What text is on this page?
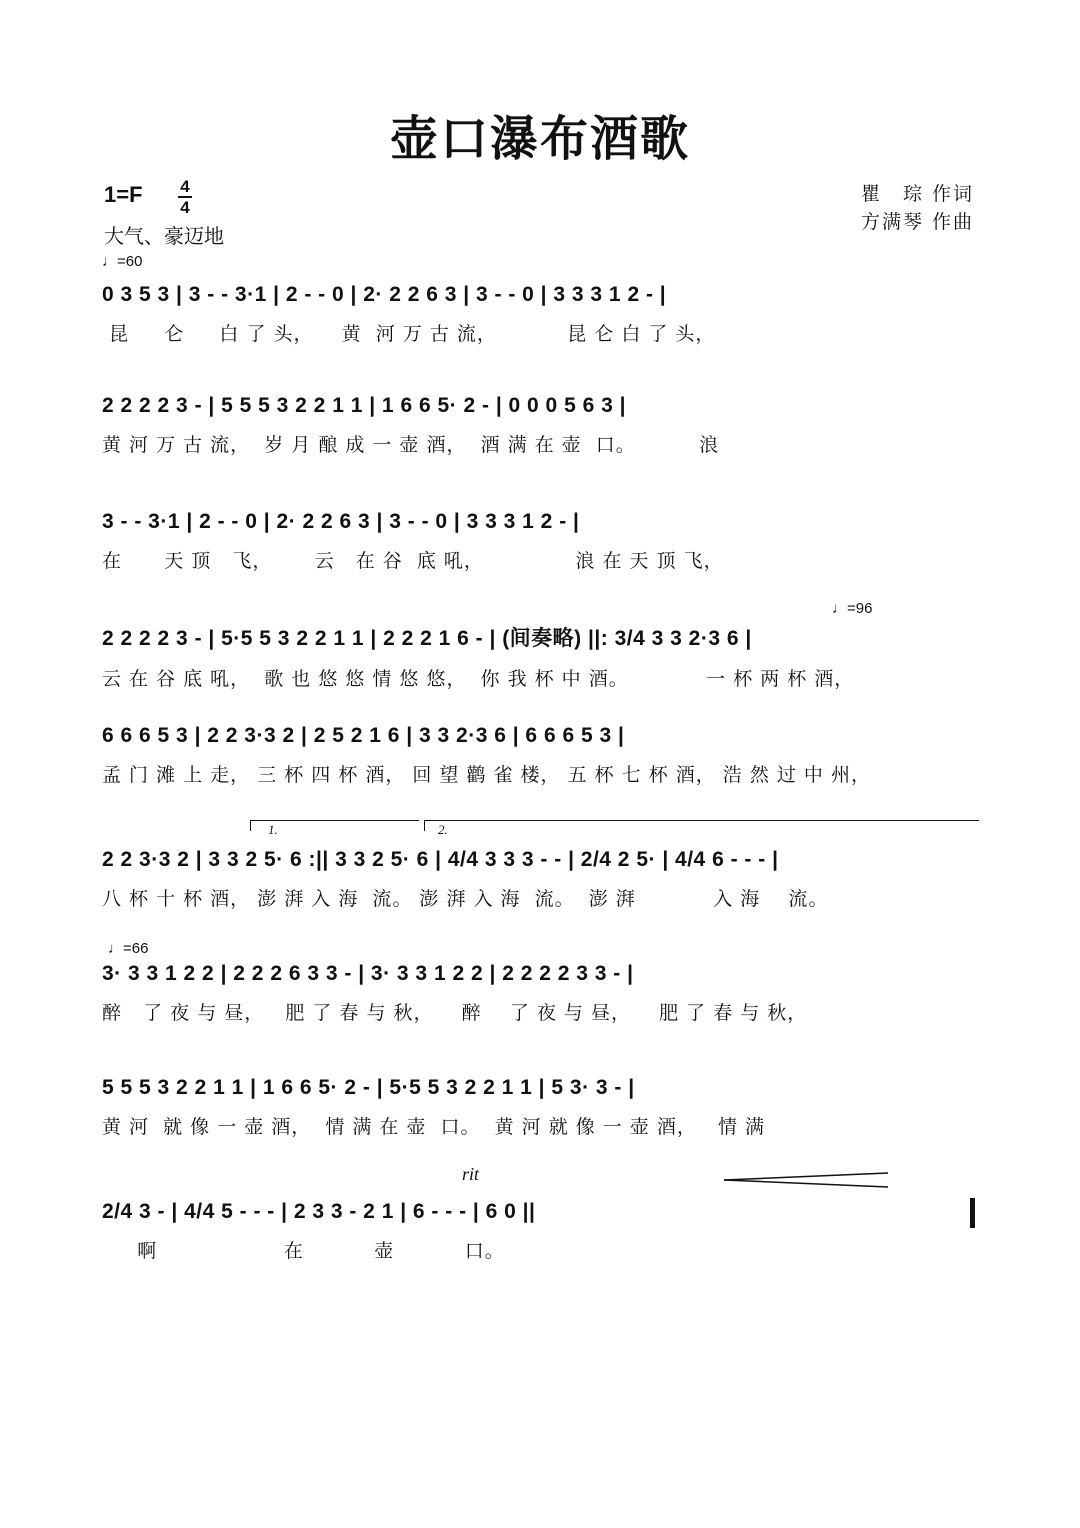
壶口瀑布酒歌
1=F 4
4
大气、豪迈地
瞿　琮 作词
方满琴 作曲
♩=60
♩=96
♩=66
0 3 5 3 | 3 - - 3·1 | 2 - - 0 | 2· 2 2 6 3 | 3 - - 0 | 3 3 3 1 2 - |
昆     仑     白 了 头，    黄  河 万 古 流，          昆 仑 白 了 头，
2 2 2 2 3 - | 5 5 5 3 2 2 1 1 | 1 6 6 5· 2 - | 0 0 0 5 6 3 |
黄 河 万 古 流，  岁 月 酿 成 一 壶 酒，  酒 满 在 壶  口。         浪
3 - - 3·1 | 2 - - 0 | 2· 2 2 6 3 | 3 - - 0 | 3 3 3 1 2 - |
在      天 顶   飞，      云   在 谷  底 吼，             浪 在 天 顶 飞，
2 2 2 2 3 - | 5·5 5 3 2 2 1 1 | 2 2 2 1 6 - | (间奏略) ||: 3/4 3 3 2·3 6 |
云 在 谷 底 吼，  歌 也 悠 悠 情 悠 悠，  你 我 杯 中 酒。           一 杯 两 杯 酒，
6 6 6 5 3 | 2 2 3·3 2 | 2 5 2 1 6 | 3 3 2·3 6 | 6 6 6 5 3 |
孟 门 滩 上 走， 三 杯 四 杯 酒， 回 望 鹳 雀 楼， 五 杯 七 杯 酒， 浩 然 过 中 州，
1.	2.
2 2 3·3 2 | 3 3 2 5· 6 :|| 3 3 2 5· 6 | 4/4 3 3 3 - - | 2/4 2 5· | 4/4 6 - - - |
八 杯 十 杯 酒， 澎 湃 入 海  流。 澎 湃 入 海  流。  澎 湃           入 海    流。
3· 3 3 1 2 2 | 2 2 2 6 3 3 - | 3· 3 3 1 2 2 | 2 2 2 2 3 3 - |
醉   了 夜 与 昼，   肥 了 春 与 秋，    醉    了 夜 与 昼，    肥 了 春 与 秋，
5 5 5 3 2 2 1 1 | 1 6 6 5· 2 - | 5·5 5 3 2 2 1 1 | 5 3· 3 - |
黄 河  就 像 一 壶 酒，  情 满 在 壶  口。  黄 河 就 像 一 壶 酒，   情 满
rit
2/4 3 - | 4/4 5 - - - | 2 3 3 - 2 1 | 6 - - - | 6 0 ||
啊                  在          壶          口。
